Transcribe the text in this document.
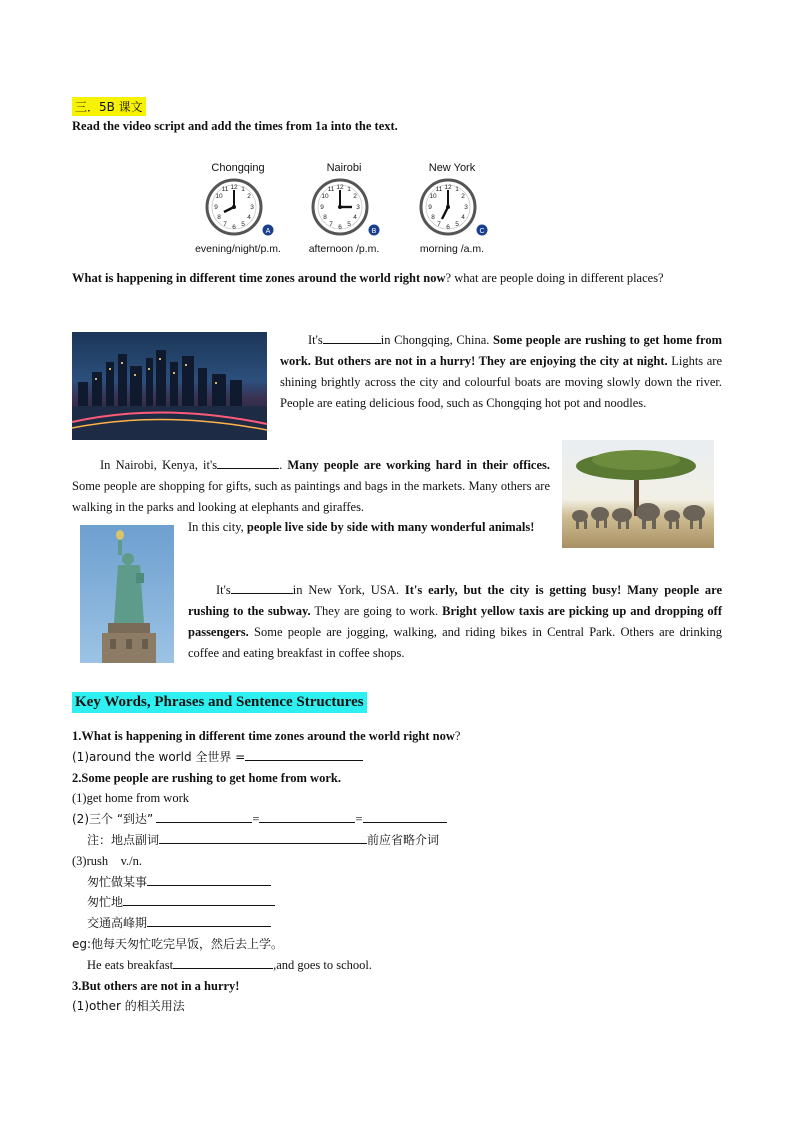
三．5B 课文
Read the video script and add the times from 1a into the text.
Chongqing
12 1
2
3
4
5
6
7
8
9
10
11
A
evening/night/p.m.
Nairobi
12 1
2
3
4
5
6
7
8
9
10
11
B
afternoon /p.m.
New York
12 1
2
3
4
5
6
7
8
9
10
11
C
morning /a.m.
What is happening in different time zones around the world right now? what are people doing in different places?
It's	in Chongqing, China. Some people are rushing to get home from work. But others are not in a hurry! They are enjoying the city at night. Lights are shining brightly across the city and colourful boats are moving slowly down the river. People are eating delicious food, such as Chongqing hot pot and noodles.
In Nairobi, Kenya, it's	. Many people are working hard in their offices. Some people are shopping for gifts, such as paintings and bags in the markets. Many others are walking in the parks and looking at elephants and giraffes.
In this city, people live side by side with many wonderful animals!
It's	in New York, USA. It's early, but the city is getting busy! Many people are rushing to the subway. They are going to work. Bright yellow taxis are picking up and dropping off passengers. Some people are jogging, walking, and riding bikes in Central Park. Others are drinking coffee and eating breakfast in coffee shops.
Key Words, Phrases and Sentence Structures
1.What is happening in different time zones around the world right now?
(1)around the world 全世界 =
2.Some people are rushing to get home from work.
(1)get home from work
(2)三个 “到达”	=	=
注：地点副词	前应省略介词
(3)rush　v./n.
匆忙做某事
匆忙地
交通高峰期
eg:他每天匆忙吃完早饭，然后去上学。
He eats breakfast	,and goes to school.
3.But others are not in a hurry!
(1)other 的相关用法
